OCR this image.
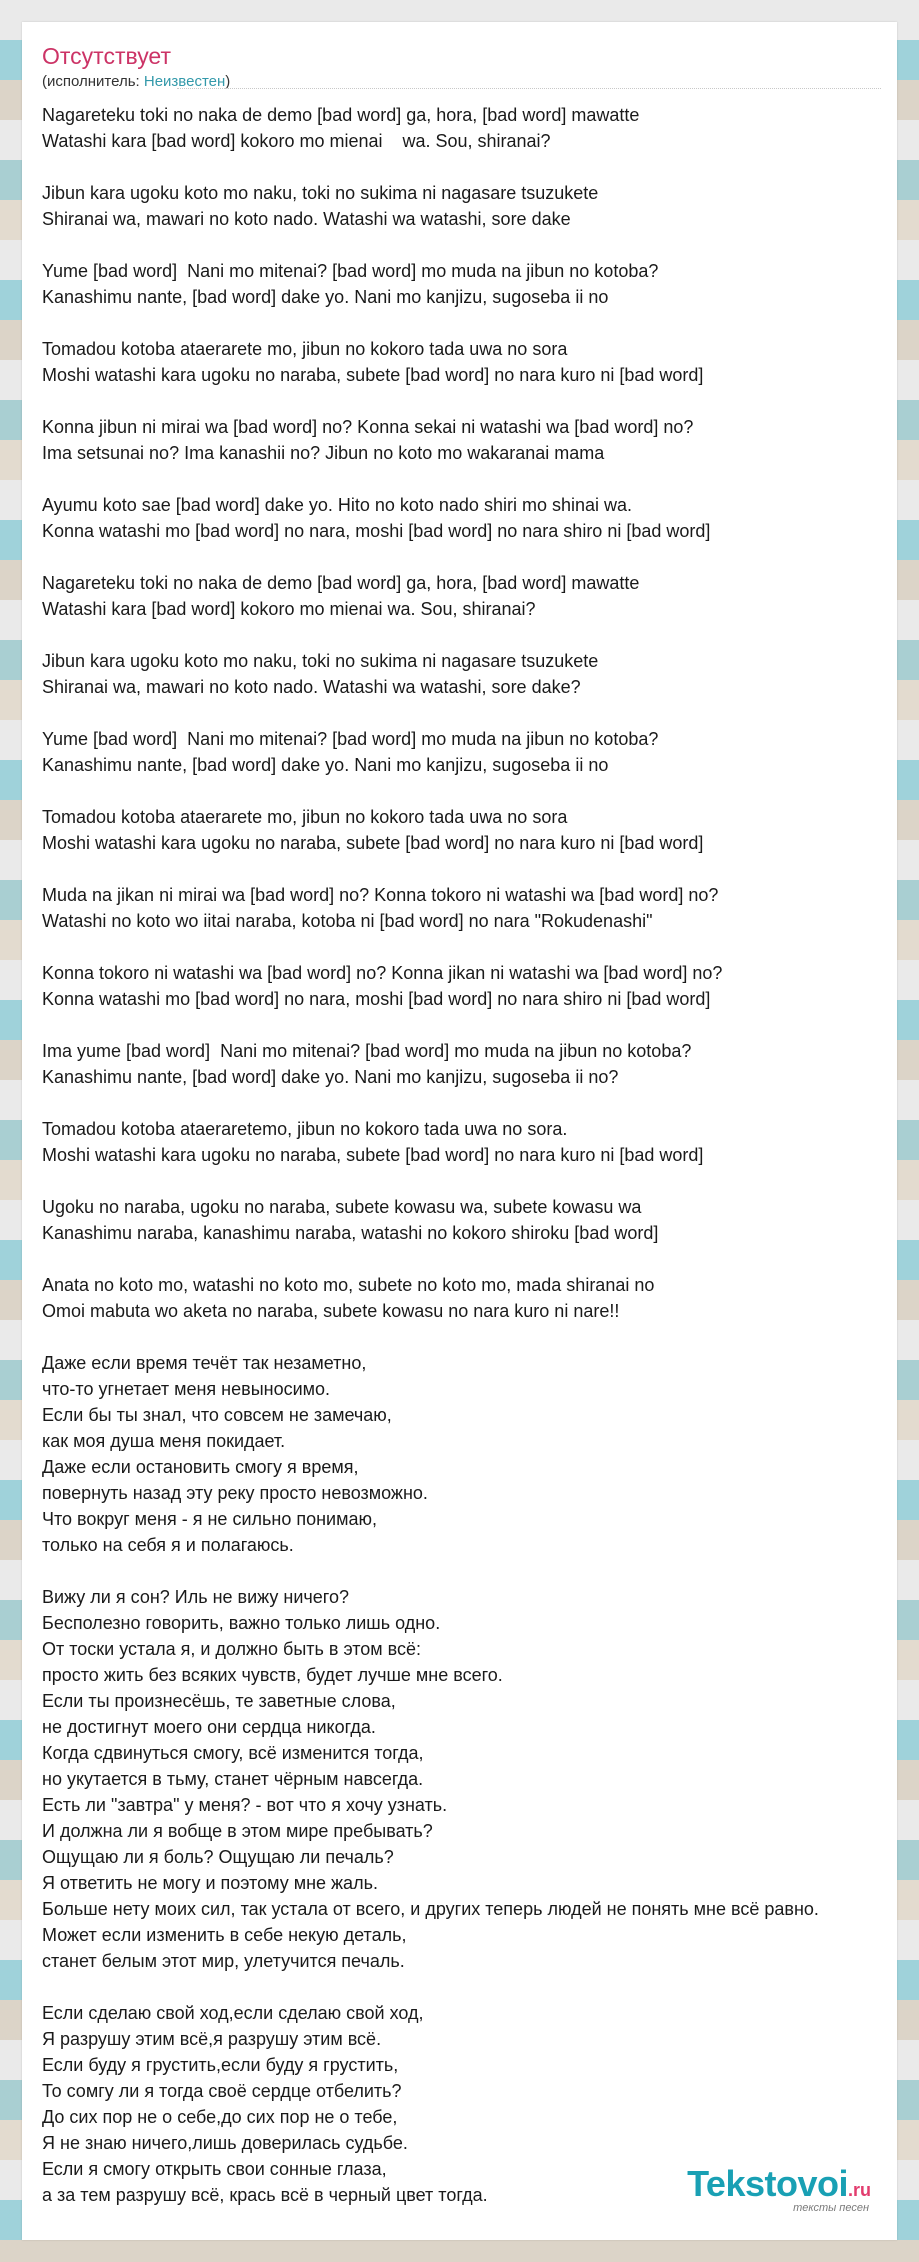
Отсутствует
(исполнитель: Неизвестен)
Nagareteku toki no naka de demo [bad word] ga, hora, [bad word] mawatte
Watashi kara [bad word] kokoro mo mienai    wa. Sou, shiranai?

Jibun kara ugoku koto mo naku, toki no sukima ni nagasare tsuzukete
Shiranai wa, mawari no koto nado. Watashi wa watashi, sore dake

Yume [bad word]  Nani mo mitenai? [bad word] mo muda na jibun no kotoba?
Kanashimu nante, [bad word] dake yo. Nani mo kanjizu, sugoseba ii no

Tomadou kotoba ataerarete mo, jibun no kokoro tada uwa no sora
Moshi watashi kara ugoku no naraba, subete [bad word] no nara kuro ni [bad word]

Konna jibun ni mirai wa [bad word] no? Konna sekai ni watashi wa [bad word] no?
Ima setsunai no? Ima kanashii no? Jibun no koto mo wakaranai mama

Ayumu koto sae [bad word] dake yo. Hito no koto nado shiri mo shinai wa.
Konna watashi mo [bad word] no nara, moshi [bad word] no nara shiro ni [bad word]

Nagareteku toki no naka de demo [bad word] ga, hora, [bad word] mawatte
Watashi kara [bad word] kokoro mo mienai wa. Sou, shiranai?

Jibun kara ugoku koto mo naku, toki no sukima ni nagasare tsuzukete
Shiranai wa, mawari no koto nado. Watashi wa watashi, sore dake?

Yume [bad word]  Nani mo mitenai? [bad word] mo muda na jibun no kotoba?
Kanashimu nante, [bad word] dake yo. Nani mo kanjizu, sugoseba ii no

Tomadou kotoba ataerarete mo, jibun no kokoro tada uwa no sora
Moshi watashi kara ugoku no naraba, subete [bad word] no nara kuro ni [bad word]

Muda na jikan ni mirai wa [bad word] no? Konna tokoro ni watashi wa [bad word] no?
Watashi no koto wo iitai naraba, kotoba ni [bad word] no nara "Rokudenashi"

Konna tokoro ni watashi wa [bad word] no? Konna jikan ni watashi wa [bad word] no?
Konna watashi mo [bad word] no nara, moshi [bad word] no nara shiro ni [bad word]

Ima yume [bad word]  Nani mo mitenai? [bad word] mo muda na jibun no kotoba?
Kanashimu nante, [bad word] dake yo. Nani mo kanjizu, sugoseba ii no?

Tomadou kotoba ataeraretemo, jibun no kokoro tada uwa no sora.
Moshi watashi kara ugoku no naraba, subete [bad word] no nara kuro ni [bad word]

Ugoku no naraba, ugoku no naraba, subete kowasu wa, subete kowasu wa
Kanashimu naraba, kanashimu naraba, watashi no kokoro shiroku [bad word]

Anata no koto mo, watashi no koto mo, subete no koto mo, mada shiranai no
Omoi mabuta wo aketa no naraba, subete kowasu no nara kuro ni nare!!

Даже если время течёт так незаметно,
что-то угнетает меня невыносимо.
Если бы ты знал, что совсем не замечаю,
как моя душа меня покидает.
Даже если остановить смогу я время,
повернуть назад эту реку просто невозможно.
Что вокруг меня - я не сильно понимаю,
только на себя я и полагаюсь.

Вижу ли я сон? Иль не вижу ничего?
Бесполезно говорить, важно только лишь одно.
От тоски устала я, и должно быть в этом всё:
просто жить без всяких чувств, будет лучше мне всего.
Если ты произнесёшь, те заветные слова,
не достигнут моего они сердца никогда.
Когда сдвинуться смогу, всё изменится тогда,
но укутается в тьму, станет чёрным навсегда.
Есть ли "завтра" у меня? - вот что я хочу узнать.
И должна ли я вобще в этом мире пребывать?
Ощущаю ли я боль? Ощущаю ли печаль?
Я ответить не могу и поэтому мне жаль.
Больше нету моих сил, так устала от всего, и других теперь людей не понять мне всё равно.
Может если изменить в себе некую деталь,
станет белым этот мир, улетучится печаль.

Если сделаю свой ход,если сделаю свой ход,
Я разрушу этим всё,я разрушу этим всё.
Если буду я грустить,если буду я грустить,
То сомгу ли я тогда своё сердце отбелить?
До сих пор не о себе,до сих пор не о тебе,
Я не знаю ничего,лишь доверилась судьбе.
Если я смогу открыть свои сонные глаза,
а за тем разрушу всё, крась всё в черный цвет тогда.	Tekstovoi.ru
тексты песен
